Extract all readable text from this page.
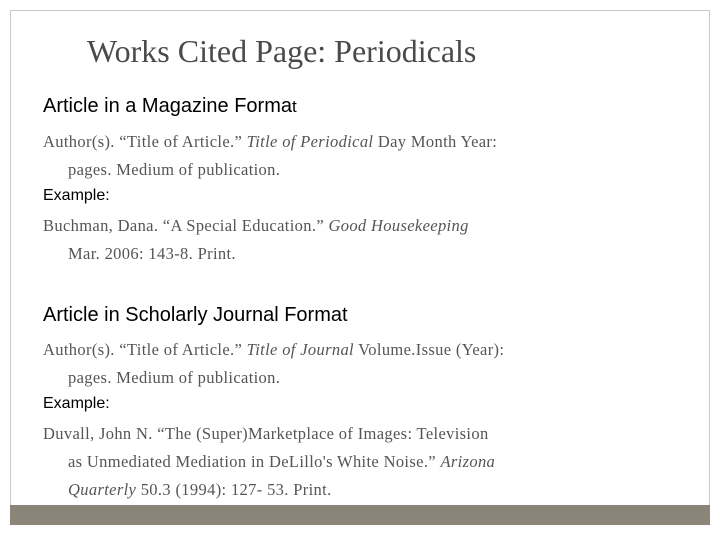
Works Cited Page: Periodicals
Article in a Magazine Format
Author(s). “Title of Article.” Title of Periodical Day Month Year:
pages. Medium of publication.
Example:
Buchman, Dana. “A Special Education.” Good Housekeeping
Mar. 2006: 143-8. Print.
Article in Scholarly Journal Format
Author(s). “Title of Article.” Title of Journal Volume.Issue (Year):
pages. Medium of publication.
Example:
Duvall, John N. “The (Super)Marketplace of Images: Television
as Unmediated Mediation in DeLillo's White Noise.” Arizona
Quarterly 50.3 (1994): 127- 53. Print.
